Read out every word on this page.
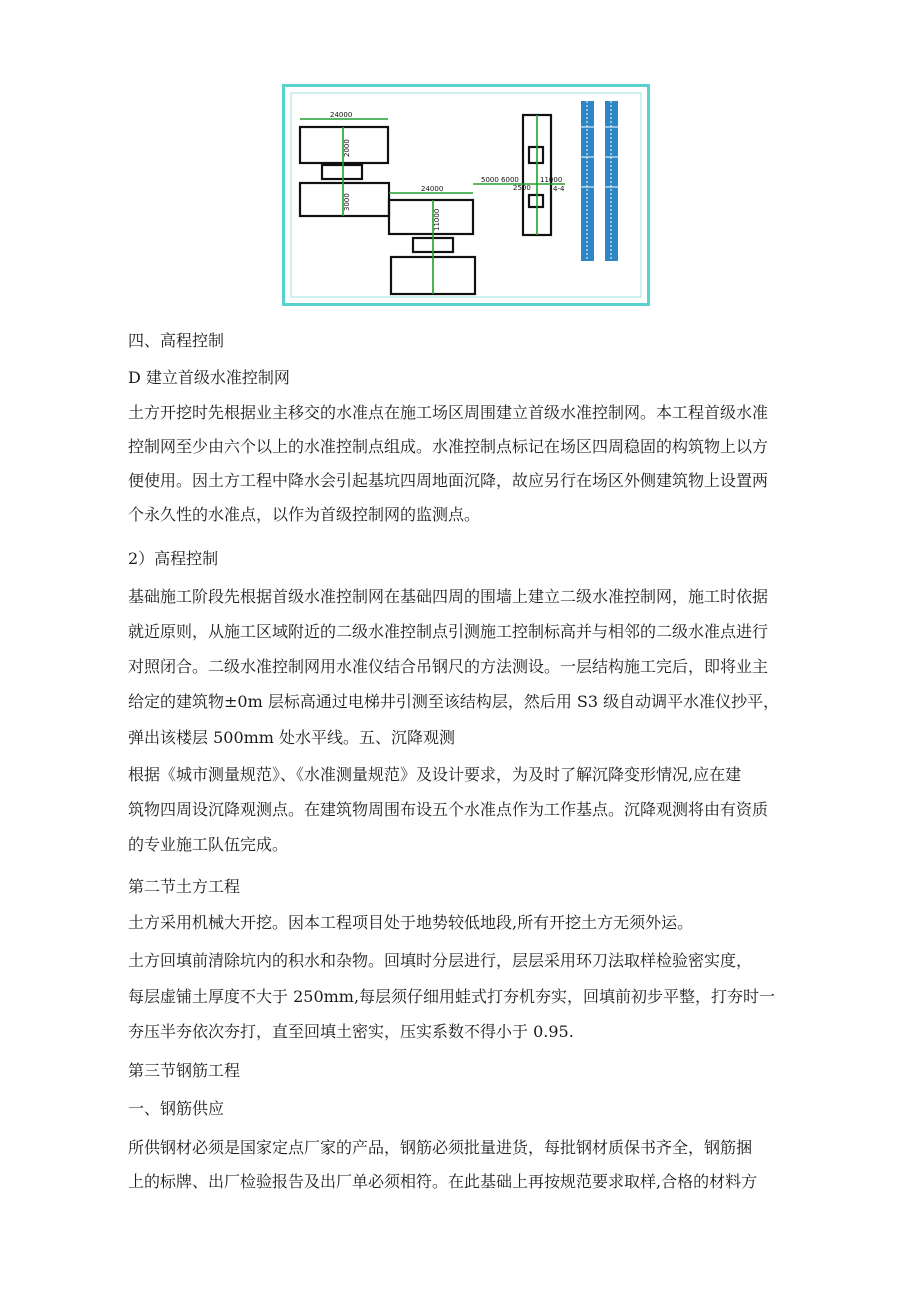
24000
24000
5000 6000	11000
2500	4-4
2000
3000
11000

四、高程控制

D 建立首级水准控制网

土方开挖时先根据业主移交的水准点在施工场区周围建立首级水准控制网。本工程首级水准

控制网至少由六个以上的水准控制点组成。水准控制点标记在场区四周稳固的构筑物上以方

便使用。因土方工程中降水会引起基坑四周地面沉降，故应另行在场区外侧建筑物上设置两

个永久性的水准点，以作为首级控制网的监测点。

2）高程控制

基础施工阶段先根据首级水准控制网在基础四周的围墙上建立二级水准控制网，施工时依据

就近原则，从施工区域附近的二级水准控制点引测施工控制标高并与相邻的二级水准点进行

对照闭合。二级水准控制网用水准仪结合吊钢尺的方法测设。一层结构施工完后，即将业主

给定的建筑物±0m 层标高通过电梯井引测至该结构层，然后用 S3 级自动调平水准仪抄平，

弹出该楼层 500mm 处水平线。五、沉降观测

根据《城市测量规范》、《水准测量规范》及设计要求，为及时了解沉降变形情况,应在建

筑物四周设沉降观测点。在建筑物周围布设五个水准点作为工作基点。沉降观测将由有资质

的专业施工队伍完成。

第二节土方工程

土方采用机械大开挖。因本工程项目处于地势较低地段,所有开挖土方无须外运。

土方回填前清除坑内的积水和杂物。回填时分层进行，层层采用环刀法取样检验密实度，

每层虚铺土厚度不大于 250mm,每层须仔细用蛙式打夯机夯实，回填前初步平整，打夯时一

夯压半夯依次夯打，直至回填土密实，压实系数不得小于 0.95.

第三节钢筋工程

一、钢筋供应

所供钢材必须是国家定点厂家的产品，钢筋必须批量进货，每批钢材质保书齐全，钢筋捆

上的标牌、出厂检验报告及出厂单必须相符。在此基础上再按规范要求取样,合格的材料方
